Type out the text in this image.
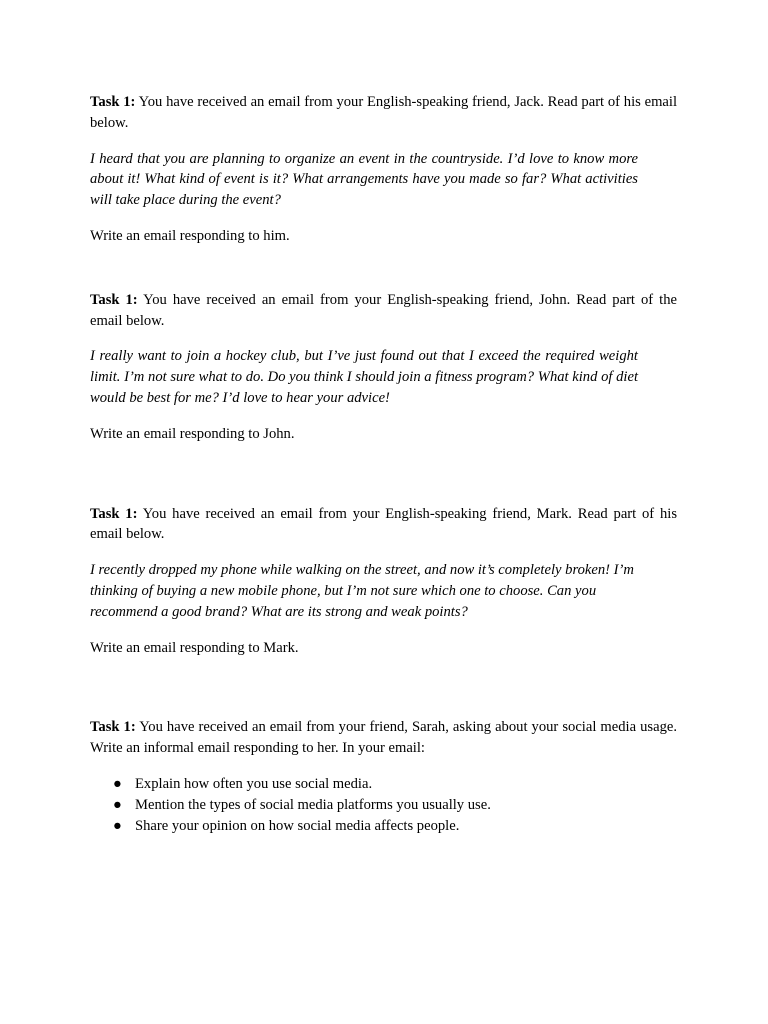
Task 1: You have received an email from your English-speaking friend, Jack. Read part of his email below.

I heard that you are planning to organize an event in the countryside. I’d love to know more about it! What kind of event is it? What arrangements have you made so far? What activities will take place during the event?

Write an email responding to him.

Task 1: You have received an email from your English-speaking friend, John. Read part of the email below.

I really want to join a hockey club, but I’ve just found out that I exceed the required weight limit. I’m not sure what to do. Do you think I should join a fitness program? What kind of diet would be best for me? I’d love to hear your advice!

Write an email responding to John.

Task 1: You have received an email from your English-speaking friend, Mark. Read part of his email below.

I recently dropped my phone while walking on the street, and now it’s completely broken! I’m thinking of buying a new mobile phone, but I’m not sure which one to choose. Can you recommend a good brand? What are its strong and weak points?

Write an email responding to Mark.

Task 1: You have received an email from your friend, Sarah, asking about your social media usage. Write an informal email responding to her. In your email:

● Explain how often you use social media.
● Mention the types of social media platforms you usually use.
● Share your opinion on how social media affects people.
